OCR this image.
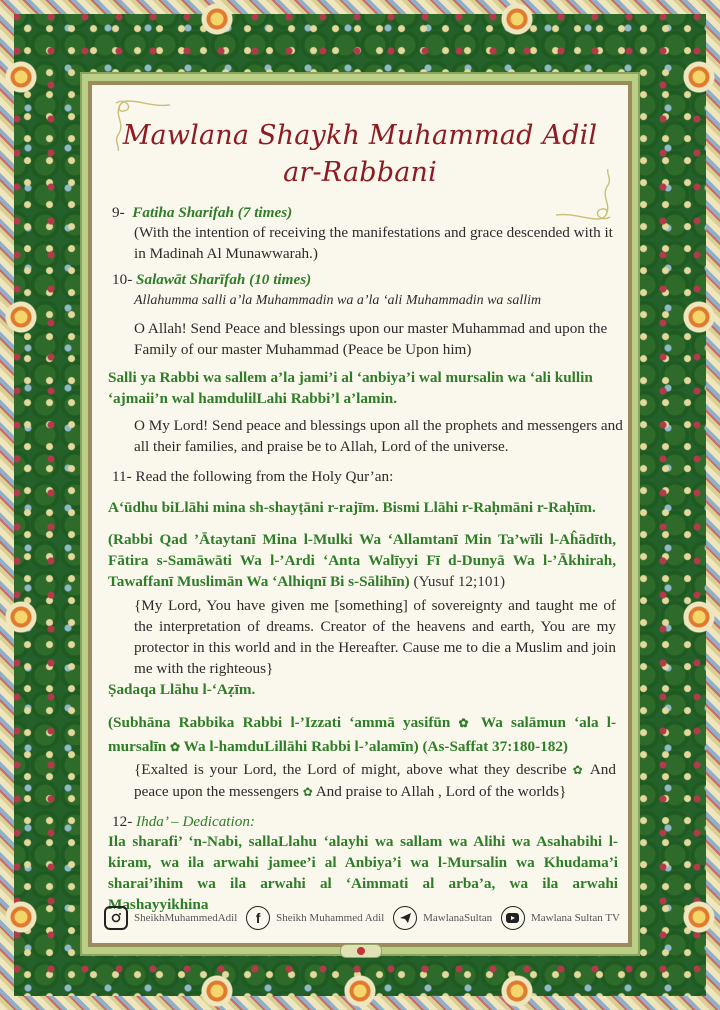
Mawlana Shaykh Muhammad Adil
ar-Rabbani
9- Fatiha Sharifah (7 times)
(With the intention of receiving the manifestations and grace descended with it in Madinah Al Munawwarah.)
10- Salawāt Sharīfah (10 times)
Allahumma salli a’la Muhammadin wa a’la ‘ali Muhammadin wa sallim
O Allah! Send Peace and blessings upon our master Muhammad and upon the Family of our master Muhammad (Peace be Upon him)
Salli ya Rabbi wa sallem a’la jami’i al ‘anbiya’i wal mursalin wa ‘ali kullin ‘ajmaii’n wal hamdulilLahi Rabbi’l a’lamin.
O My Lord! Send peace and blessings upon all the prophets and messengers and all their families, and praise be to Allah, Lord of the universe.
11- Read the following from the Holy Qur’an:
A‘ūdhu biLlāhi mina sh-shayṭāni r-rajīm. Bismi Llāhi r-Raḥmāni r-Raḥīm.
(Rabbi Qad ’Ātaytanī Mina l-Mulki Wa ‘Allamtanī Min Ta’wīli l-Aĥādīth, Fātira s-Samāwāti Wa l-’Ardi ‘Anta Walīyyi Fī d-Dunyā Wa l-’Ākhirah, Tawaffanī Muslimān Wa ‘Alhiqnī Bi s-Sālihīn) (Yusuf 12;101)
{My Lord, You have given me [something] of sovereignty and taught me of the interpretation of dreams. Creator of the heavens and earth, You are my protector in this world and in the Hereafter. Cause me to die a Muslim and join me with the righteous}
Ṣadaqa Llāhu l-‘Aẓīm.
(Subhāna Rabbika Rabbi l-’Izzati ‘ammā yasifūn ✿ Wa salāmun ‘ala l-mursalīn ✿ Wa l-hamduLillāhi Rabbi l-’alamīn) (As-Saffat 37:180-182)
{Exalted is your Lord, the Lord of might, above what they describe ✿ And peace upon the messengers ✿ And praise to Allah , Lord of the worlds}
12- Ihda’ – Dedication:
Ila sharafi’ ‘n-Nabi, sallaLlahu ‘alayhi wa sallam wa Alihi wa Asahabihi l-kiram, wa ila arwahi jamee’i al Anbiya’i wa l-Mursalin wa Khudama’i sharai’ihim wa ila arwahi al ‘Aimmati al arba’a, wa ila arwahi Mashayyikhina
SheikhMuhammedAdil f Sheikh Muhammed Adil	MawlanaSultan	Mawlana Sultan TV
